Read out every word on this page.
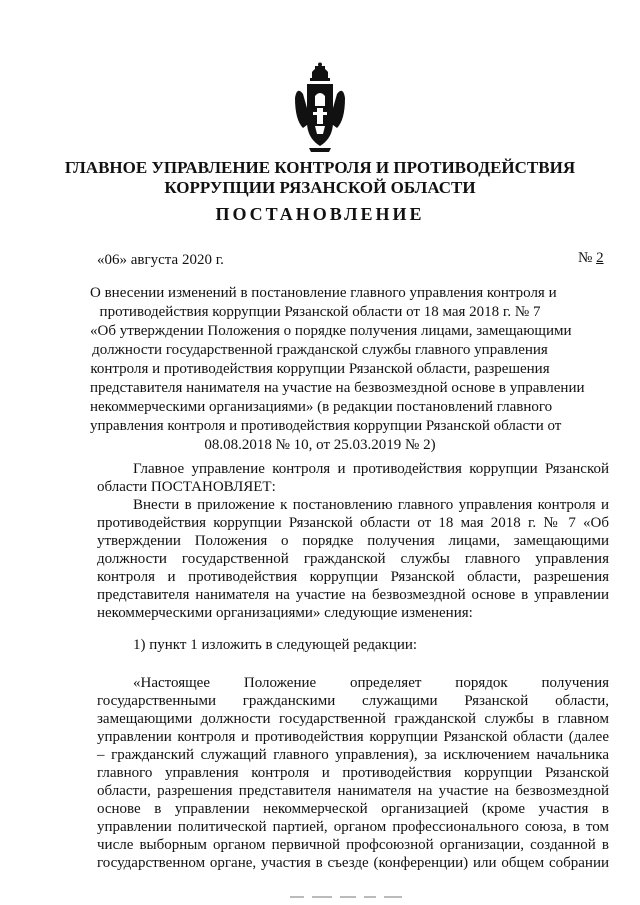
ГЛАВНОЕ УПРАВЛЕНИЕ КОНТРОЛЯ И ПРОТИВОДЕЙСТВИЯ
КОРРУПЦИИ РЯЗАНСКОЙ ОБЛАСТИ
ПОСТАНОВЛЕНИЕ
«06» августа 2020 г.	№ 2
О внесении изменений в постановление главного управления контроля и
противодействия коррупции Рязанской области от 18 мая 2018 г. № 7
«Об утверждении Положения о порядке получения лицами, замещающими
должности государственной гражданской службы главного управления
контроля и противодействия коррупции Рязанской области, разрешения
представителя нанимателя на участие на безвозмездной основе в управлении
некоммерческими организациями» (в редакции постановлений главного
управления контроля и противодействия коррупции Рязанской области от
08.08.2018 № 10, от 25.03.2019 № 2)
Главное управление контроля и противодействия коррупции Рязанской
области ПОСТАНОВЛЯЕТ:
Внести в приложение к постановлению главного управления контроля и
противодействия коррупции Рязанской области от 18 мая 2018 г. № 7 «Об
утверждении Положения о порядке получения лицами, замещающими
должности государственной гражданской службы главного управления
контроля и противодействия коррупции Рязанской области, разрешения
представителя нанимателя на участие на безвозмездной основе в управлении
некоммерческими организациями» следующие изменения:
1) пункт 1 изложить в следующей редакции:
«Настоящее Положение определяет порядок получения
государственными гражданскими служащими Рязанской области,
замещающими должности государственной гражданской службы в главном
управлении контроля и противодействия коррупции Рязанской области (далее
– гражданский служащий главного управления), за исключением начальника
главного управления контроля и противодействия коррупции Рязанской
области, разрешения представителя нанимателя на участие на безвозмездной
основе в управлении некоммерческой организацией (кроме участия в
управлении политической партией, органом профессионального союза, в том
числе выборным органом первичной профсоюзной организации, созданной в
государственном органе, участия в съезде (конференции) или общем собрании
